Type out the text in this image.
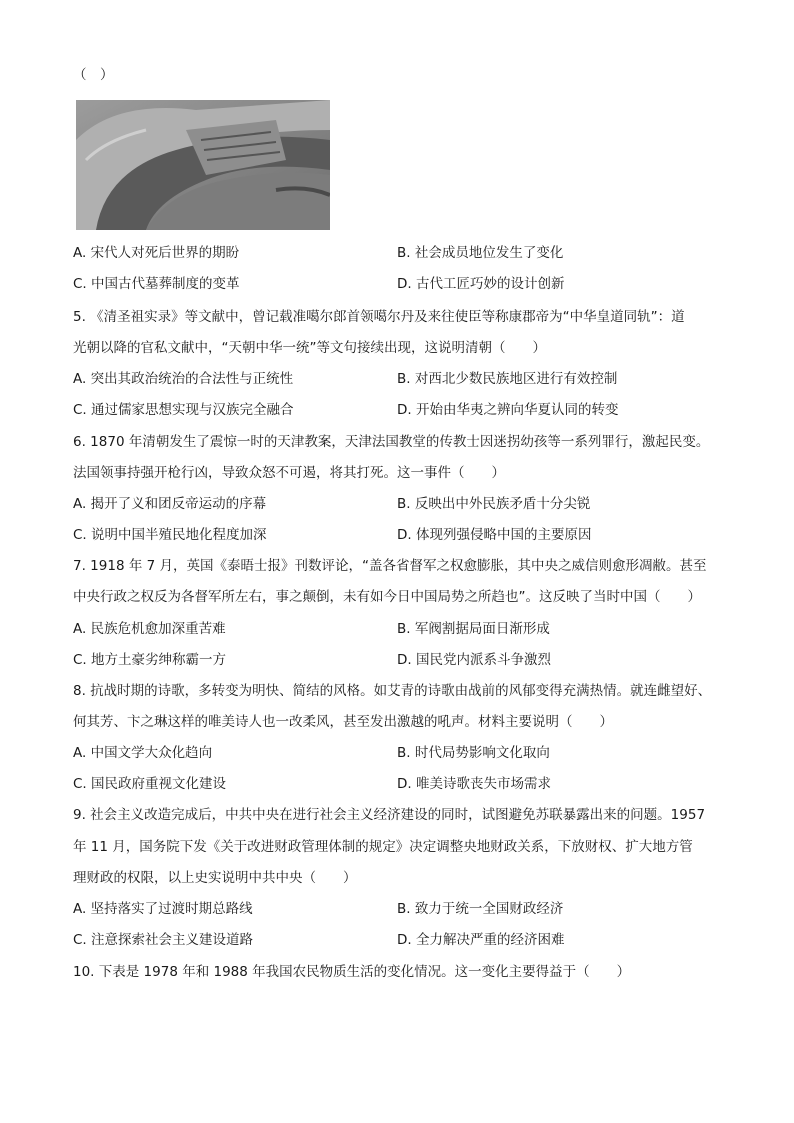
（　）
A. 宋代人对死后世界的期盼	B. 社会成员地位发生了变化
C. 中国古代墓葬制度的变革	D. 古代工匠巧妙的设计创新
5. 《清圣祖实录》等文献中，曾记载准噶尔郎首领噶尔丹及来往使臣等称康郡帝为“中华皇道同轨”：道
光朝以降的官私文献中，“天朝中华一统”等文句接续出现，这说明清朝（　　）
A. 突出其政治统治的合法性与正统性	B. 对西北少数民族地区进行有效控制
C. 通过儒家思想实现与汉族完全融合	D. 开始由华夷之辨向华夏认同的转变
6. 1870 年清朝发生了震惊一时的天津教案，天津法国教堂的传教士因迷拐幼孩等一系列罪行，激起民变。
法国领事持强开枪行凶，导致众怒不可遏，将其打死。这一事件（　　）
A. 揭开了义和团反帝运动的序幕	B. 反映出中外民族矛盾十分尖锐
C. 说明中国半殖民地化程度加深	D. 体现列强侵略中国的主要原因
7. 1918 年 7 月，英国《泰晤士报》刊数评论，“盖各省督军之权愈膨胀，其中央之威信则愈形凋敝。甚至
中央行政之权反为各督军所左右，事之颠倒，未有如今日中国局势之所趋也”。这反映了当时中国（　　）
A. 民族危机愈加深重苦难	B. 军阀割据局面日渐形成
C. 地方土豪劣绅称霸一方	D. 国民党内派系斗争激烈
8. 抗战时期的诗歌，多转变为明快、简结的风格。如艾青的诗歌由战前的风郁变得充满热情。就连雌望好、
何其芳、卞之琳这样的唯美诗人也一改柔风，甚至发出激越的吼声。材料主要说明（　　）
A. 中国文学大众化趋向	B. 时代局势影响文化取向
C. 国民政府重视文化建设	D. 唯美诗歌丧失市场需求
9. 社会主义改造完成后，中共中央在进行社会主义经济建设的同时，试图避免苏联暴露出来的问题。1957
年 11 月，国务院下发《关于改进财政管理体制的规定》决定调整央地财政关系，下放财权、扩大地方管
理财政的权限，以上史实说明中共中央（　　）
A. 坚持落实了过渡时期总路线	B. 致力于统一全国财政经济
C. 注意探索社会主义建设道路	D. 全力解决严重的经济困难
10. 下表是 1978 年和 1988 年我国农民物质生活的变化情况。这一变化主要得益于（　　）
